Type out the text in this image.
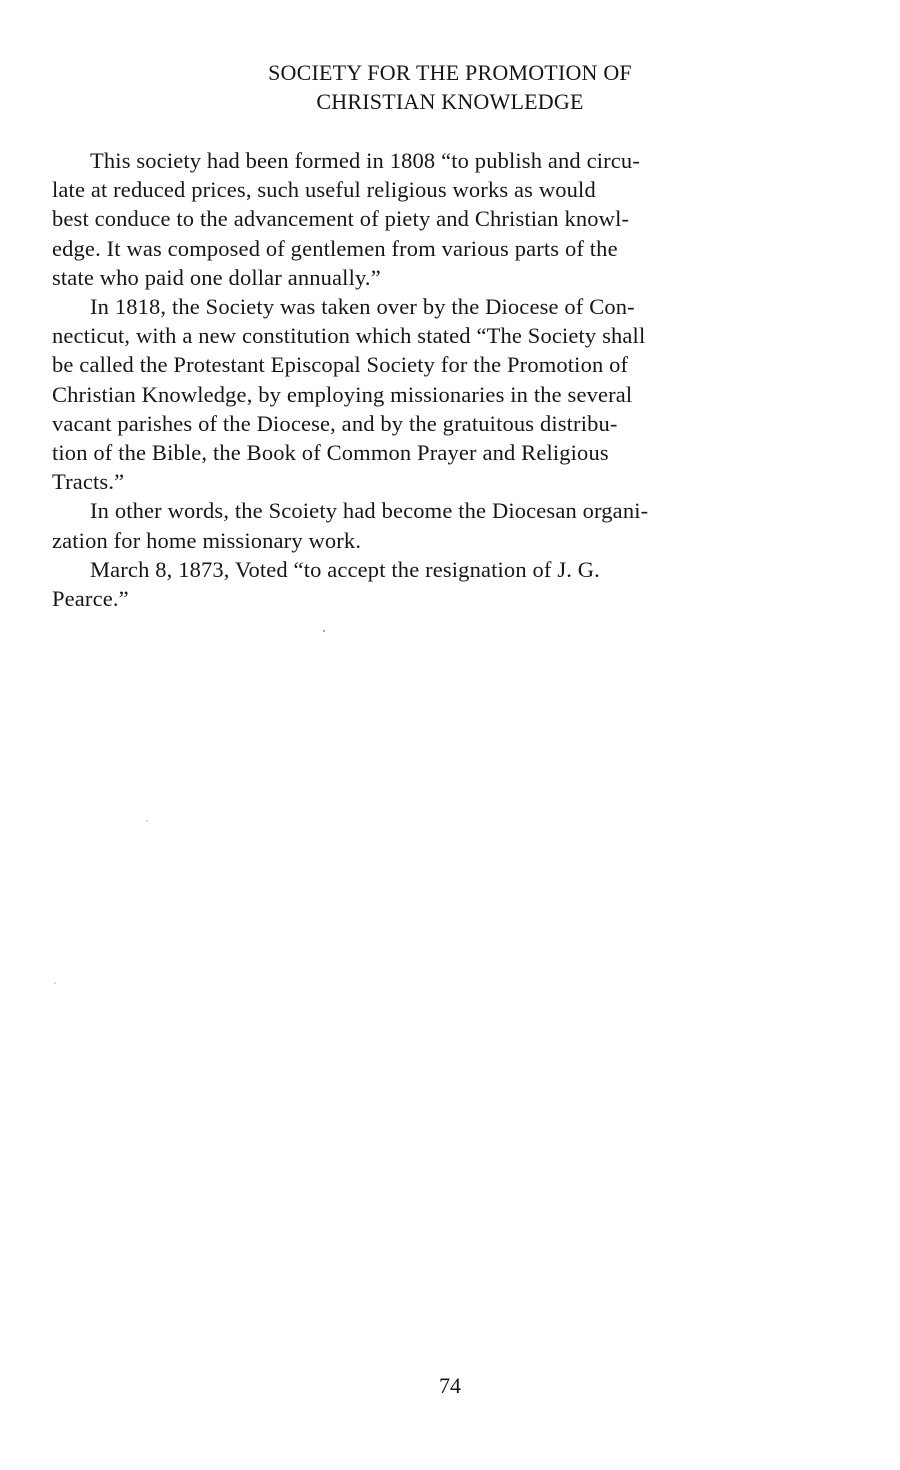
SOCIETY FOR THE PROMOTION OF
CHRISTIAN KNOWLEDGE
This society had been formed in 1808 “to publish and circu-
late at reduced prices, such useful religious works as would
best conduce to the advancement of piety and Christian knowl-
edge. It was composed of gentlemen from various parts of the
state who paid one dollar annually.”
In 1818, the Society was taken over by the Diocese of Con-
necticut, with a new constitution which stated “The Society shall
be called the Protestant Episcopal Society for the Promotion of
Christian Knowledge, by employing missionaries in the several
vacant parishes of the Diocese, and by the gratuitous distribu-
tion of the Bible, the Book of Common Prayer and Religious
Tracts.”
In other words, the Scoiety had become the Diocesan organi-
zation for home missionary work.
March 8, 1873, Voted “to accept the resignation of J. G.
Pearce.”
74
